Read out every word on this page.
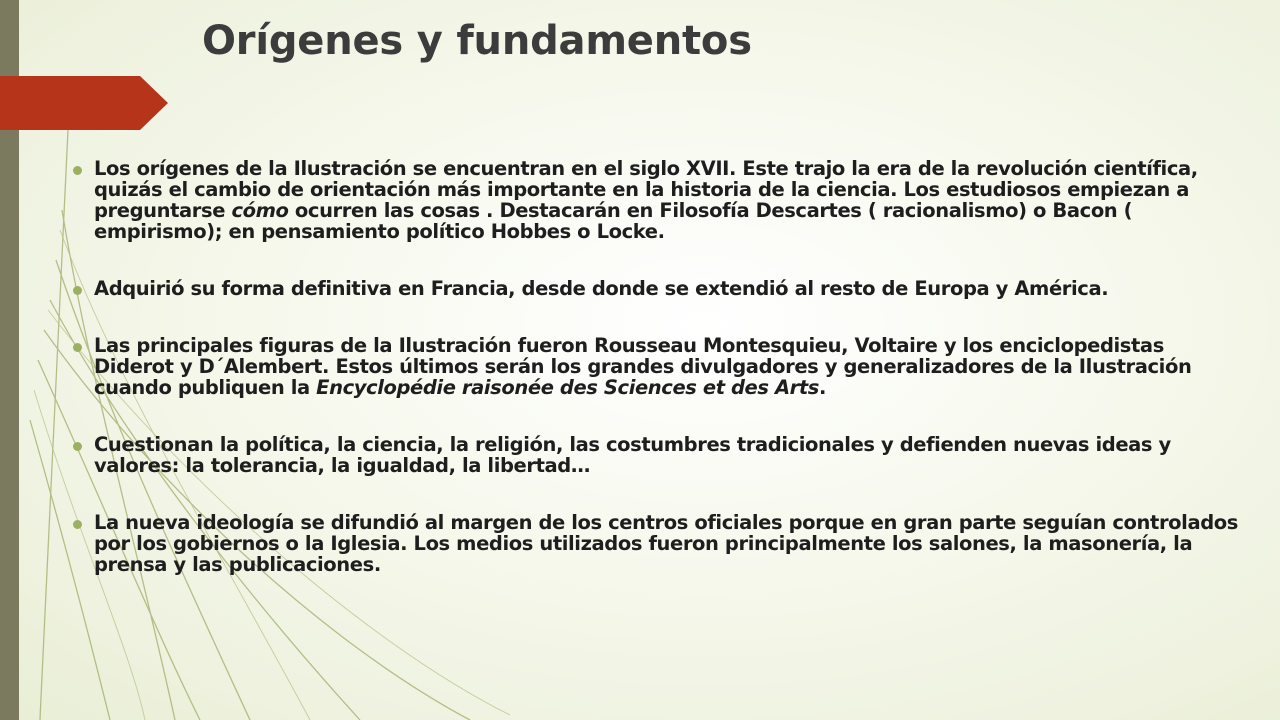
Orígenes y fundamentos
Los orígenes de la Ilustración se encuentran en el siglo XVII. Este trajo la era de la revolución científica, quizás el cambio de orientación más importante en la historia de la ciencia. Los estudiosos empiezan a preguntarse cómo ocurren las cosas . Destacarán en Filosofía Descartes ( racionalismo) o Bacon ( empirismo); en pensamiento político Hobbes o Locke.
Adquirió su forma definitiva en Francia, desde donde se extendió al resto de Europa y América.
Las principales figuras de la Ilustración fueron Rousseau Montesquieu, Voltaire y los enciclopedistas Diderot y D´Alembert. Estos últimos serán los grandes divulgadores y generalizadores de la Ilustración cuando publiquen la Encyclopédie raisonée des Sciences et des Arts.
Cuestionan la política, la ciencia, la religión, las costumbres tradicionales y defienden nuevas ideas y valores: la tolerancia, la igualdad, la libertad…
La nueva ideología se difundió al margen de los centros oficiales porque en gran parte seguían controlados por los gobiernos o la Iglesia. Los medios utilizados fueron principalmente los salones, la masonería, la prensa y las publicaciones.
